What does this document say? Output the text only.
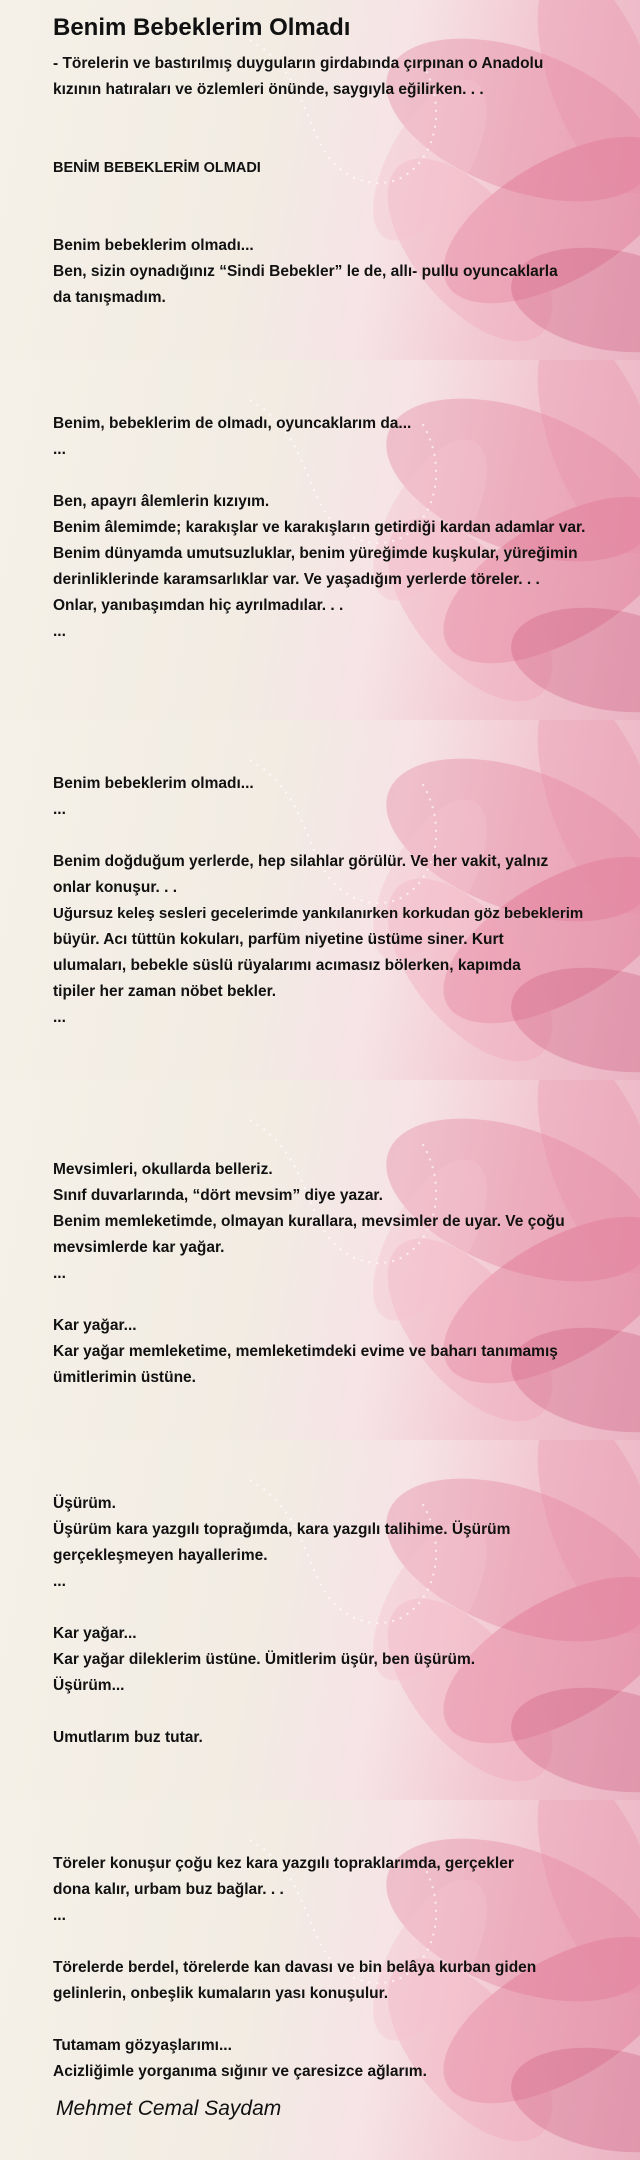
Benim Bebeklerim Olmadı
- Törelerin ve bastırılmış duyguların girdabında çırpınan o Anadolu
kızının hatıraları ve özlemleri önünde, saygıyla eğilirken. . .
BENİM BEBEKLERİM OLMADI
Benim bebeklerim olmadı...
Ben, sizin oynadığınız “Sindi Bebekler” le de, allı- pullu oyuncaklarla
da tanışmadım.
Benim, bebeklerim de olmadı, oyuncaklarım da...
...
Ben, apayrı âlemlerin kızıyım.
Benim âlemimde; karakışlar ve karakışların getirdiği kardan adamlar var.
Benim dünyamda umutsuzluklar, benim yüreğimde kuşkular, yüreğimin
derinliklerinde karamsarlıklar var. Ve yaşadığım yerlerde töreler. . .
Onlar, yanıbaşımdan hiç ayrılmadılar. . .
...
Benim bebeklerim olmadı...
...
Benim doğduğum yerlerde, hep silahlar görülür. Ve her vakit, yalnız
onlar konuşur. . .
Uğursuz keleş sesleri gecelerimde yankılanırken korkudan göz bebeklerim
büyür. Acı tüttün kokuları, parfüm niyetine üstüme siner. Kurt
ulumaları, bebekle süslü rüyalarımı acımasız bölerken, kapımda
tipiler her zaman nöbet bekler.
...
Mevsimleri, okullarda belleriz.
Sınıf duvarlarında, “dört mevsim” diye yazar.
Benim memleketimde, olmayan kurallara, mevsimler de uyar. Ve çoğu
mevsimlerde kar yağar.
...
Kar yağar...
Kar yağar memleketime, memleketimdeki evime ve baharı tanımamış
ümitlerimin üstüne.
Üşürüm.
Üşürüm kara yazgılı toprağımda, kara yazgılı talihime. Üşürüm
gerçekleşmeyen hayallerime.
...
Kar yağar...
Kar yağar dileklerim üstüne. Ümitlerim üşür, ben üşürüm.
Üşürüm...
Umutlarım buz tutar.
Töreler konuşur çoğu kez kara yazgılı topraklarımda, gerçekler
dona kalır, urbam buz bağlar. . .
...
Törelerde berdel, törelerde kan davası ve bin belâya kurban giden
gelinlerin, onbeşlik kumaların yası konuşulur.
Tutamam gözyaşlarımı...
Acizliğimle yorganıma sığınır ve çaresizce ağlarım.
Mehmet Cemal Saydam
